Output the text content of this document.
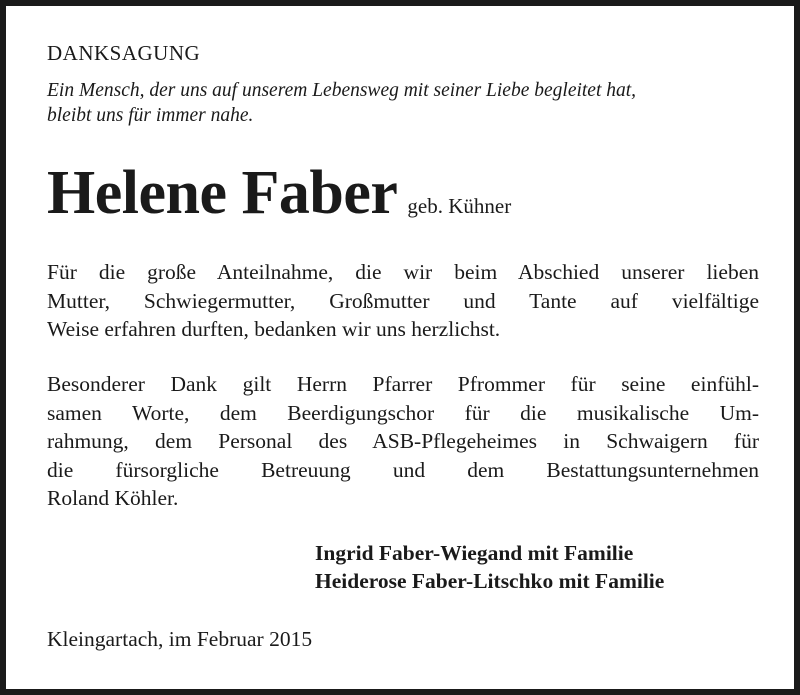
DANKSAGUNG
Ein Mensch, der uns auf unserem Lebensweg mit seiner Liebe begleitet hat,
bleibt uns für immer nahe.
Helene Faber geb. Kühner
Für die große Anteilnahme, die wir beim Abschied unserer lieben
Mutter, Schwiegermutter, Großmutter und Tante auf vielfältige
Weise erfahren durften, bedanken wir uns herzlichst.
Besonderer Dank gilt Herrn Pfarrer Pfrommer für seine einfühl-
samen Worte, dem Beerdigungschor für die musikalische Um-
rahmung, dem Personal des ASB-Pflegeheimes in Schwaigern für
die fürsorgliche Betreuung und dem Bestattungsunternehmen
Roland Köhler.
Ingrid Faber-Wiegand mit Familie
Heiderose Faber-Litschko mit Familie
Kleingartach, im Februar 2015
